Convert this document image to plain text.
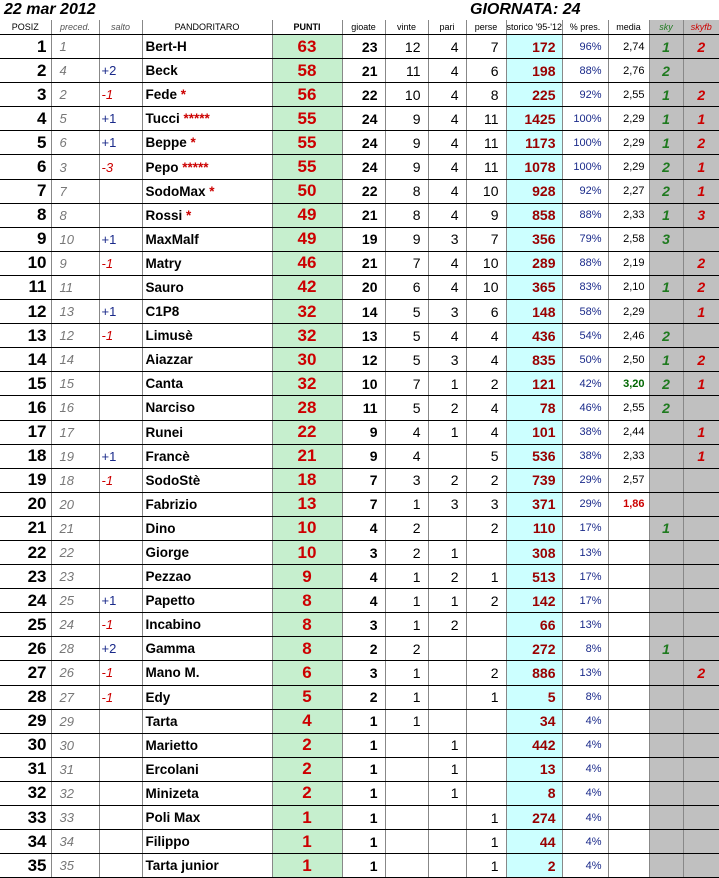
22 mar 2012	GIORNATA: 24
POSIZ	preced.	salto	PANDORITARO	PUNTI	gioate	vinte	pari	perse	storico '95-'12	% pres.	media	sky	skyfb
1	1		Bert-H	63	23	12	4	7	172	96%	2,74	1	2
2	4	+2	Beck	58	21	11	4	6	198	88%	2,76	2	
3	2	-1	Fede *	56	22	10	4	8	225	92%	2,55	1	2
4	5	+1	Tucci *****	55	24	9	4	11	1425	100%	2,29	1	1
5	6	+1	Beppe *	55	24	9	4	11	1173	100%	2,29	1	2
6	3	-3	Pepo *****	55	24	9	4	11	1078	100%	2,29	2	1
7	7		SodoMax *	50	22	8	4	10	928	92%	2,27	2	1
8	8		Rossi *	49	21	8	4	9	858	88%	2,33	1	3
9	10	+1	MaxMalf	49	19	9	3	7	356	79%	2,58	3	
10	9	-1	Matry	46	21	7	4	10	289	88%	2,19		2
11	11		Sauro	42	20	6	4	10	365	83%	2,10	1	2
12	13	+1	C1P8	32	14	5	3	6	148	58%	2,29		1
13	12	-1	Limusè	32	13	5	4	4	436	54%	2,46	2	
14	14		Aiazzar	30	12	5	3	4	835	50%	2,50	1	2
15	15		Canta	32	10	7	1	2	121	42%	3,20	2	1
16	16		Narciso	28	11	5	2	4	78	46%	2,55	2	
17	17		Runei	22	9	4	1	4	101	38%	2,44		1
18	19	+1	Francè	21	9	4		5	536	38%	2,33		1
19	18	-1	SodoStè	18	7	3	2	2	739	29%	2,57		
20	20		Fabrizio	13	7	1	3	3	371	29%	1,86		
21	21		Dino	10	4	2		2	110	17%		1	
22	22		Giorge	10	3	2	1		308	13%			
23	23		Pezzao	9	4	1	2	1	513	17%			
24	25	+1	Papetto	8	4	1	1	2	142	17%			
25	24	-1	Incabino	8	3	1	2		66	13%			
26	28	+2	Gamma	8	2	2			272	8%		1	
27	26	-1	Mano M.	6	3	1		2	886	13%			2
28	27	-1	Edy	5	2	1		1	5	8%			
29	29		Tarta	4	1	1			34	4%			
30	30		Marietto	2	1		1		442	4%			
31	31		Ercolani	2	1		1		13	4%			
32	32		Minizeta	2	1		1		8	4%			
33	33		Poli Max	1	1			1	274	4%			
34	34		Filippo	1	1			1	44	4%			
35	35		Tarta junior	1	1			1	2	4%			
